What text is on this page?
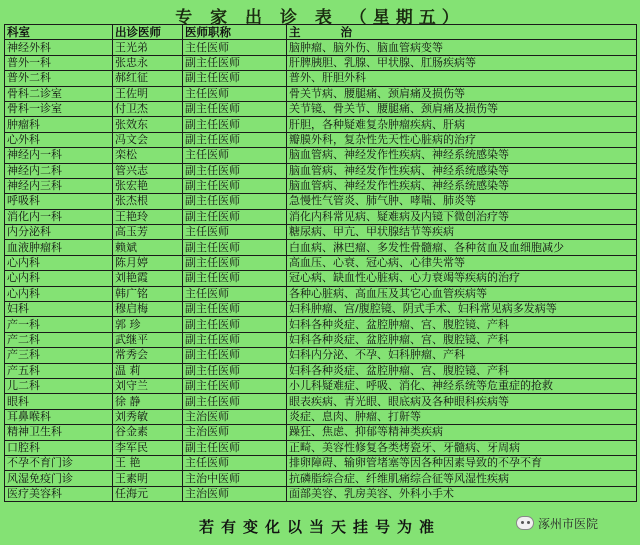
专 家 出 诊 表 （星期五）
科室	出诊医师	医师职称	主治
神经外科	王光弟	主任医师	脑肿瘤、脑外伤、脑血管病变等
普外一科	张忠永	副主任医师	肝脾胰胆、乳腺、甲状腺、肛肠疾病等
普外二科	郝红征	副主任医师	普外、肝胆外科
骨科二诊室	王佐明	主任医师	骨关节病、腰腿痛、颈肩痛及损伤等
骨科一诊室	付卫杰	副主任医师	关节镜、骨关节、腰腿痛、颈肩痛及损伤等
肿瘤科	张效东	副主任医师	肝胆，各种疑难复杂肿瘤疾病、肝病
心外科	冯文会	副主任医师	瓣膜外科，复杂性先天性心脏病的治疗
神经内一科	栾松	主任医师	脑血管病、神经发作性疾病、神经系统感染等
神经内二科	管兴志	副主任医师	脑血管病、神经发作性疾病、神经系统感染等
神经内三科	张宏艳	副主任医师	脑血管病、神经发作性疾病、神经系统感染等
呼吸科	张杰根	副主任医师	急慢性气管炎、肺气肿、哮喘、肺炎等
消化内一科	王艳玲	副主任医师	消化内科常见病、疑难病及内镜下微创治疗等
内分泌科	高玉芳	主任医师	糖尿病、甲亢、甲状腺结节等疾病
血液肿瘤科	赖斌	副主任医师	白血病、淋巴瘤、多发性骨髓瘤、各种贫血及血细胞减少
心内科	陈月婷	副主任医师	高血压、心衰、冠心病、心律失常等
心内科	刘艳霞	副主任医师	冠心病、缺血性心脏病、心力衰竭等疾病的治疗
心内科	韩广铭	主任医师	各种心脏病、高血压及其它心血管疾病等
妇科	穆启梅	副主任医师	妇科肿瘤、宫/腹腔镜、阴式手术、妇科常见病多发病等
产一科	郭 珍	副主任医师	妇科各种炎症、盆腔肿瘤、宫、腹腔镜、产科
产二科	武继平	副主任医师	妇科各种炎症、盆腔肿瘤、宫、腹腔镜、产科
产三科	常秀会	副主任医师	妇科内分泌、不孕、妇科肿瘤、产科
产五科	温 莉	副主任医师	妇科各种炎症、盆腔肿瘤、宫、腹腔镜、产科
儿二科	刘守兰	副主任医师	小儿科疑难症、呼吸、消化、神经系统等危重症的抢救
眼科	徐 静	副主任医师	眼表疾病、青光眼、眼底病及各种眼科疾病等
耳鼻喉科	刘秀敏	主治医师	炎症、息肉、肿瘤、打鼾等
精神卫生科	谷金素	主治医师	躁狂、焦虑、抑郁等精神类疾病
口腔科	李军民	副主任医师	正畸、美容性修复各类烤瓷牙、牙髓病、牙周病
不孕不育门诊	王 艳	主任医师	排卵障碍、输卵管堵塞等因各种因素导致的不孕不育
风湿免疫门诊	王素明	主治中医师	抗磷脂综合症、纤维肌痛综合征等风湿性疾病
医疗美容科	任海元	主治医师	面部美容、乳房美容、外科小手术
若有变化以当天挂号为准	涿州市医院
